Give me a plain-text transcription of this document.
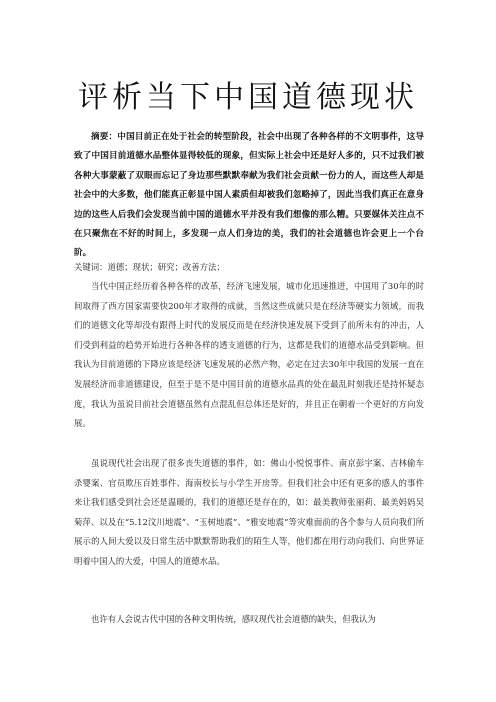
评析当下中国道德现状

摘要：中国目前正在处于社会的转型阶段，社会中出现了各种各样的不文明事件，这导致了中国目前道德水品整体显得较低的现象，但实际上社会中还是好人多的，只不过我们被各种大事蒙蔽了双眼而忘记了身边那些默默奉献为我们社会贡献一份力的人，而这些人却是社会中的大多数，他们能真正彰显中国人素质但却被我们忽略掉了，因此当我们真正在意身边的这些人后我们会发现当前中国的道德水平并没有我们想像的那么糟。只要媒体关注点不在只聚焦在不好的时间上，多发现一点人们身边的美，我们的社会道德也许会更上一个台阶。

关键词：道德；现状；研究；改善方法；

当代中国正经历着各种各样的改革，经济飞速发展，城市化迅速推进，中国用了30年的时间取得了西方国家需要快200年才取得的成就，当然这些成就只是在经济等硬实力领域，而我们的道德文化等却没有跟得上时代的发展反而是在经济快速发展下受到了前所未有的冲击，人们受到利益的趋势开始进行各种各样的透支道德的行为，这都是我们的道德水品受到影响。但我认为目前道德的下降应该是经济飞速发展的必然产物，必定在过去30年中我国的发展一直在发展经济而非道德建设，但至于是不是中国目前的道德水品真的处在最乱时刻我还是持怀疑态度，我认为虽说目前社会道德虽然有点混乱但总体还是好的，并且正在朝着一个更好的方向发展。

虽说现代社会出现了很多丧失道德的事件，如：佛山小悦悦事件、南京彭宇案、吉林偷车杀婴案、官员欺压百姓事件、海南校长与小学生开房等。但我们社会中还有更多的感人的事件来让我们感受到社会还是温暖的，我们的道德还是存在的，如：最美教师张丽莉、最美妈妈吴菊萍、以及在“5.12汶川地震”、“玉树地震”、“雅安地震”等灾难面前的各个参与人员向我们所展示的人间大爱以及日常生活中默默帮助我们的陌生人等，他们都在用行动向我们、向世界证明着中国人的大爱，中国人的道德水品。

也许有人会说古代中国的各种文明传统，感叹现代社会道德的缺失，但我认为
